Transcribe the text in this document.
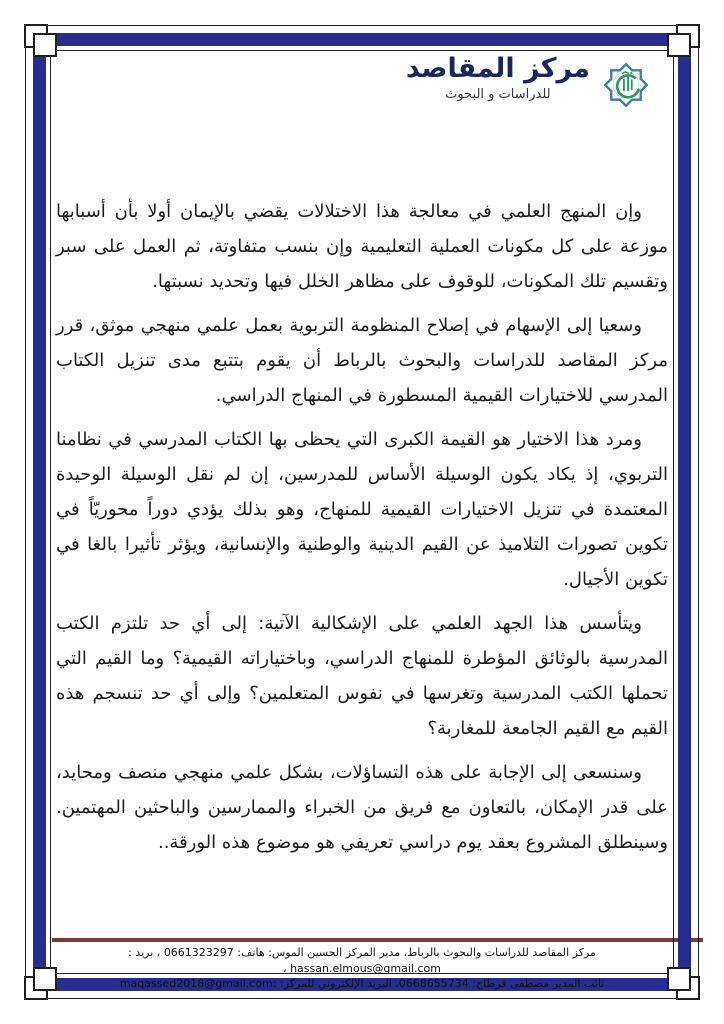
مركز المقاصد
للدراسات و البحوث

وإن المنهج العلمي في معالجة هذا الاختلالات يقضي بالإيمان أولا بأن أسبابها موزعة على كل مكونات العملية التعليمية وإن بنسب متفاوتة، ثم العمل على سبر وتقسيم تلك المكونات، للوقوف على مظاهر الخلل فيها وتحديد نسبتها.

وسعيا إلى الإسهام في إصلاح المنظومة التربوية بعمل علمي منهجي موثق، قرر مركز المقاصد للدراسات والبحوث بالرباط أن يقوم بتتبع مدى تنزيل الكتاب المدرسي للاختيارات القيمية المسطورة في المنهاج الدراسي.

ومرد هذا الاختيار هو القيمة الكبرى التي يحظى بها الكتاب المدرسي في نظامنا التربوي، إذ يكاد يكون الوسيلة الأساس للمدرسين، إن لم نقل الوسيلة الوحيدة المعتمدة في تنزيل الاختيارات القيمية للمنهاج، وهو بذلك يؤدي دوراً محوريّاً في تكوين تصورات التلاميذ عن القيم الدينية والوطنية والإنسانية، ويؤثر تأثيرا بالغا في تكوين الأجيال.

ويتأسس هذا الجهد العلمي على الإشكالية الآتية: إلى أي حد تلتزم الكتب المدرسية بالوثائق المؤطرة للمنهاج الدراسي، وباختياراته القيمية؟ وما القيم التي تحملها الكتب المدرسية وتغرسها في نفوس المتعلمين؟ وإلى أي حد تنسجم هذه القيم مع القيم الجامعة للمغاربة؟

وسنسعى إلى الإجابة على هذه التساؤلات، بشكل علمي منهجي منصف ومحايد، على قدر الإمكان، بالتعاون مع فريق من الخبراء والممارسين والباحثين المهتمين. وسينطلق المشروع بعقد يوم دراسي تعريفي هو موضوع هذه الورقة..

مركز المقاصد للدراسات والبحوث بالرباط، مدير المركز الحسين الموس: هاتف: 0661323297 ، بريد : hassan.elmous@gmail.com ،
نائب المدير مصطفى قرطاح: 0668655734، البريد الإلكتروني للمركز: :maqassed2018@gmail.com
